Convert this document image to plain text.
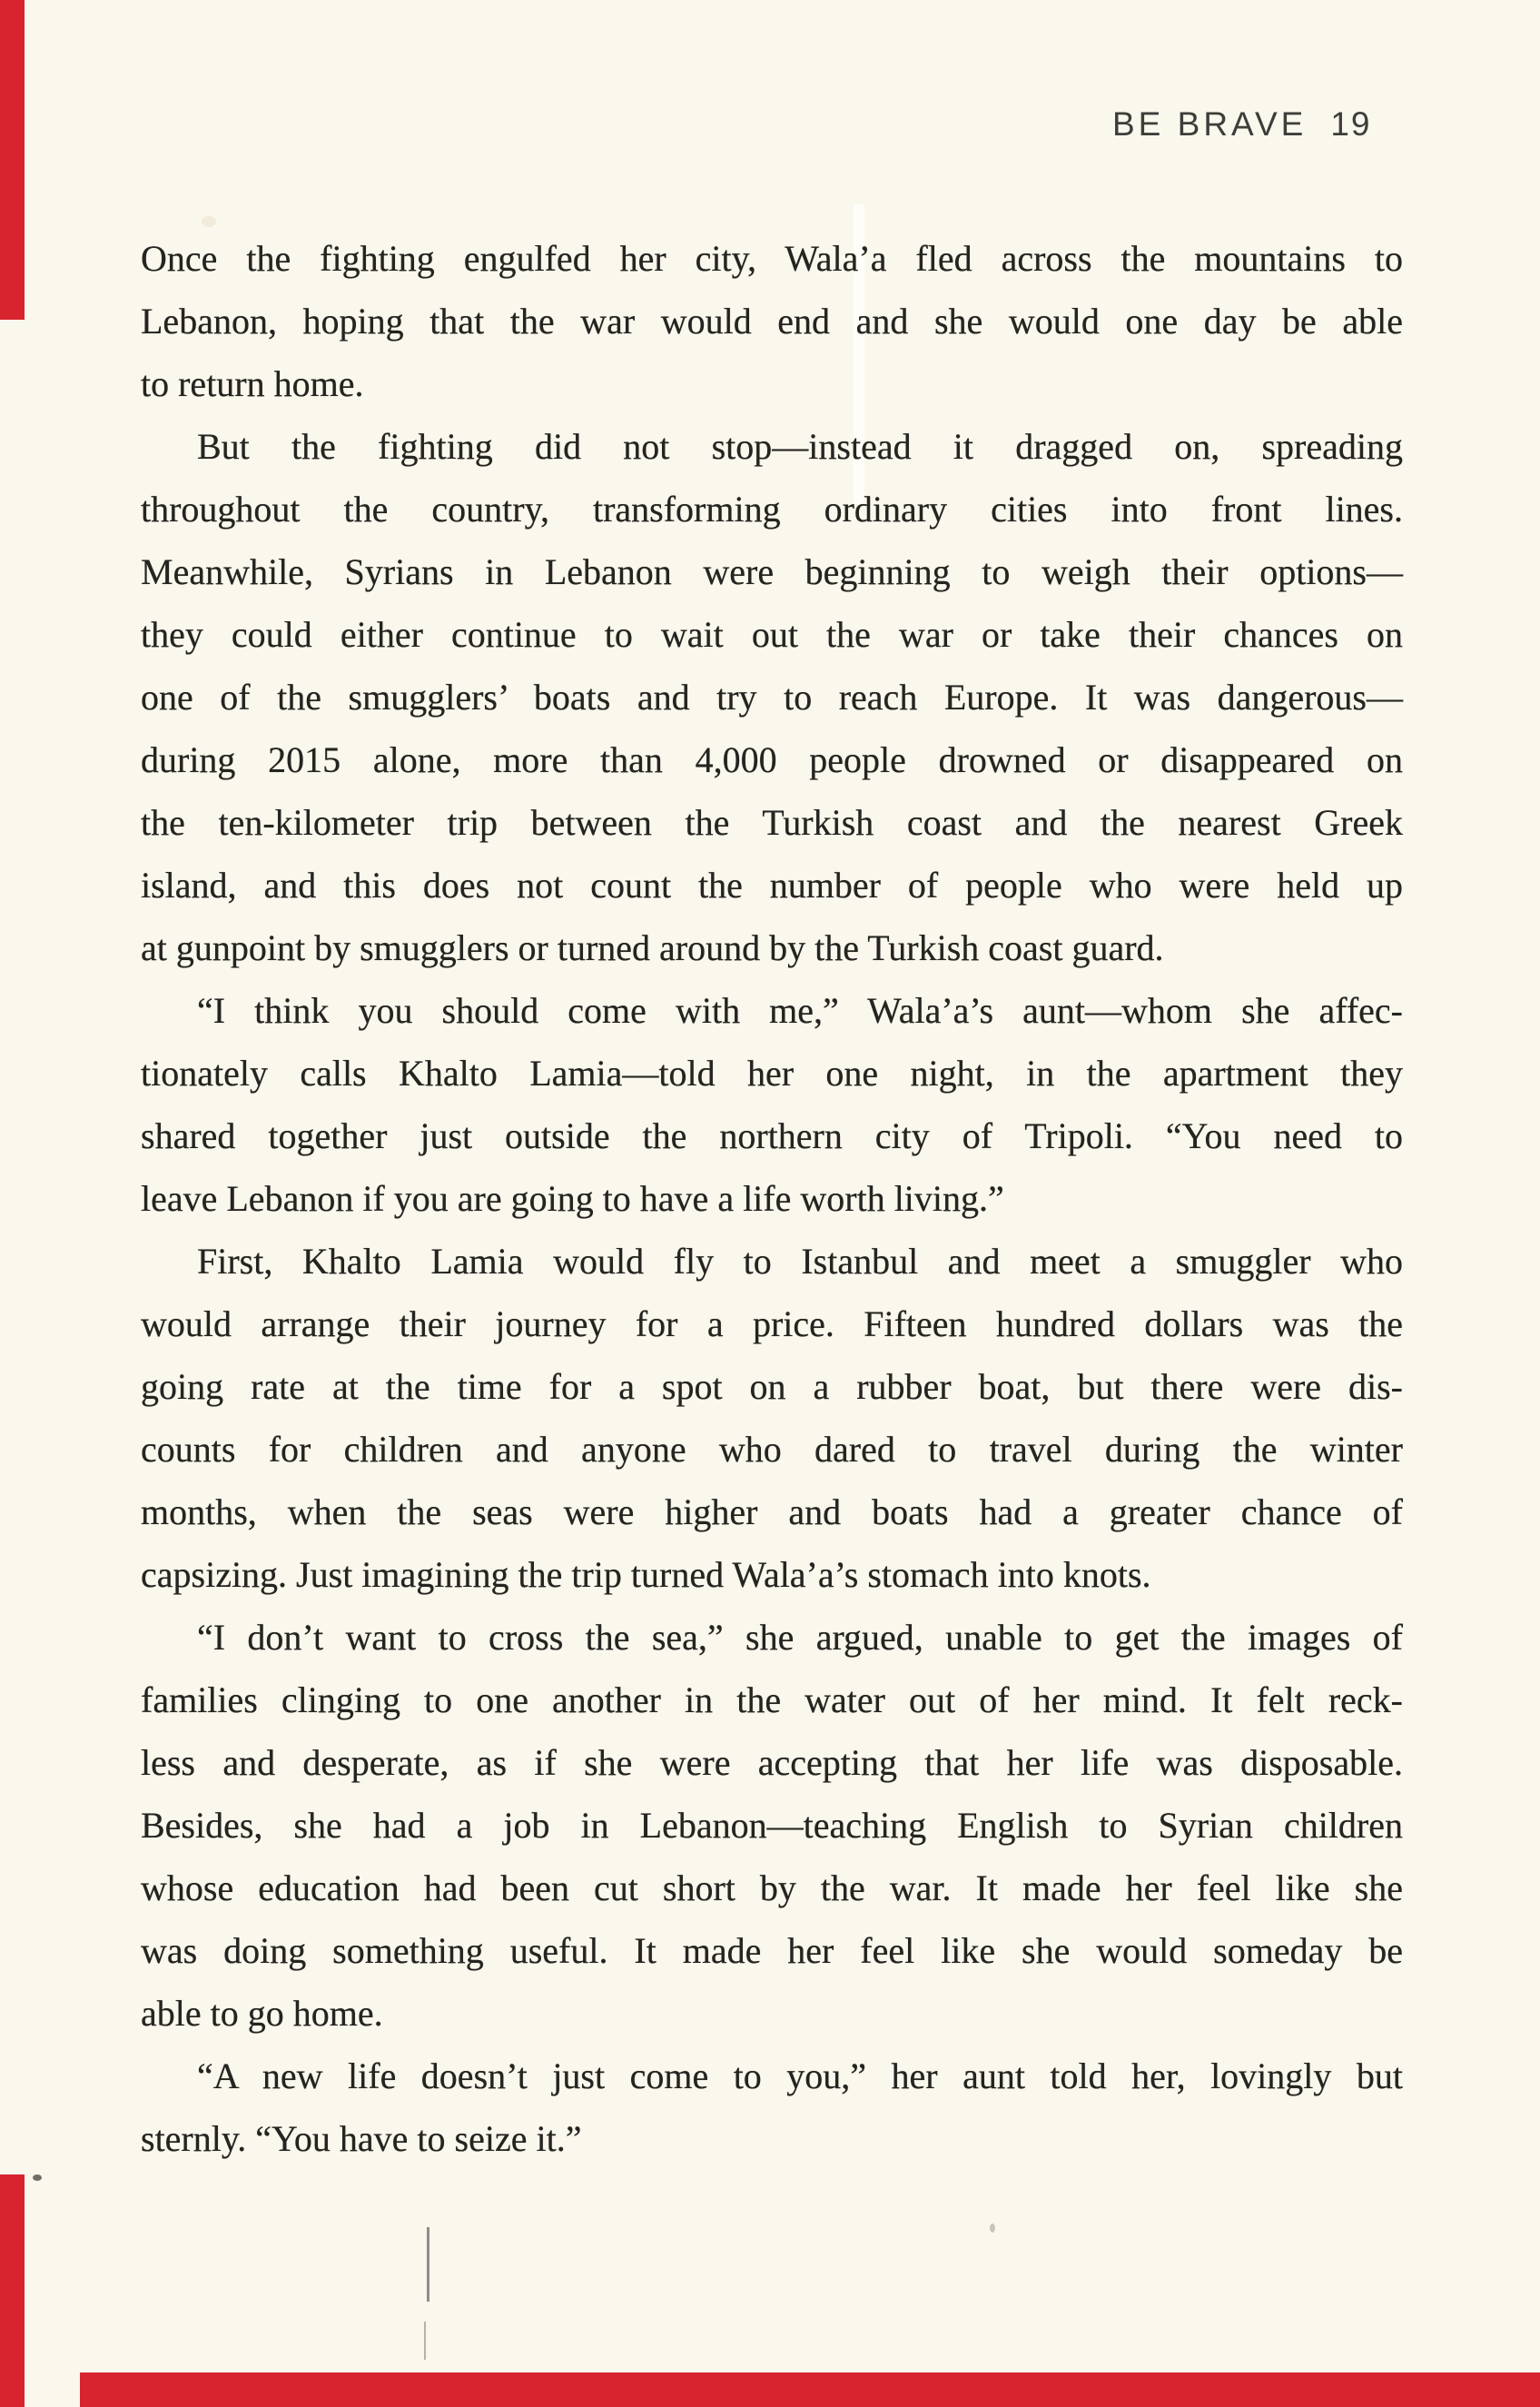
BE BRAVE 19
Once the fighting engulfed her city, Wala’a fled across the mountains to
Lebanon, hoping that the war would end and she would one day be able
to return home.
But the fighting did not stop—instead it dragged on, spreading
throughout the country, transforming ordinary cities into front lines.
Meanwhile, Syrians in Lebanon were beginning to weigh their options—
they could either continue to wait out the war or take their chances on
one of the smugglers’ boats and try to reach Europe. It was dangerous—
during 2015 alone, more than 4,000 people drowned or disappeared on
the ten-kilometer trip between the Turkish coast and the nearest Greek
island, and this does not count the number of people who were held up
at gunpoint by smugglers or turned around by the Turkish coast guard.
“I think you should come with me,” Wala’a’s aunt—whom she affec-
tionately calls Khalto Lamia—told her one night, in the apartment they
shared together just outside the northern city of Tripoli. “You need to
leave Lebanon if you are going to have a life worth living.”
First, Khalto Lamia would fly to Istanbul and meet a smuggler who
would arrange their journey for a price. Fifteen hundred dollars was the
going rate at the time for a spot on a rubber boat, but there were dis-
counts for children and anyone who dared to travel during the winter
months, when the seas were higher and boats had a greater chance of
capsizing. Just imagining the trip turned Wala’a’s stomach into knots.
“I don’t want to cross the sea,” she argued, unable to get the images of
families clinging to one another in the water out of her mind. It felt reck-
less and desperate, as if she were accepting that her life was disposable.
Besides, she had a job in Lebanon—teaching English to Syrian children
whose education had been cut short by the war. It made her feel like she
was doing something useful. It made her feel like she would someday be
able to go home.
“A new life doesn’t just come to you,” her aunt told her, lovingly but
sternly. “You have to seize it.”
